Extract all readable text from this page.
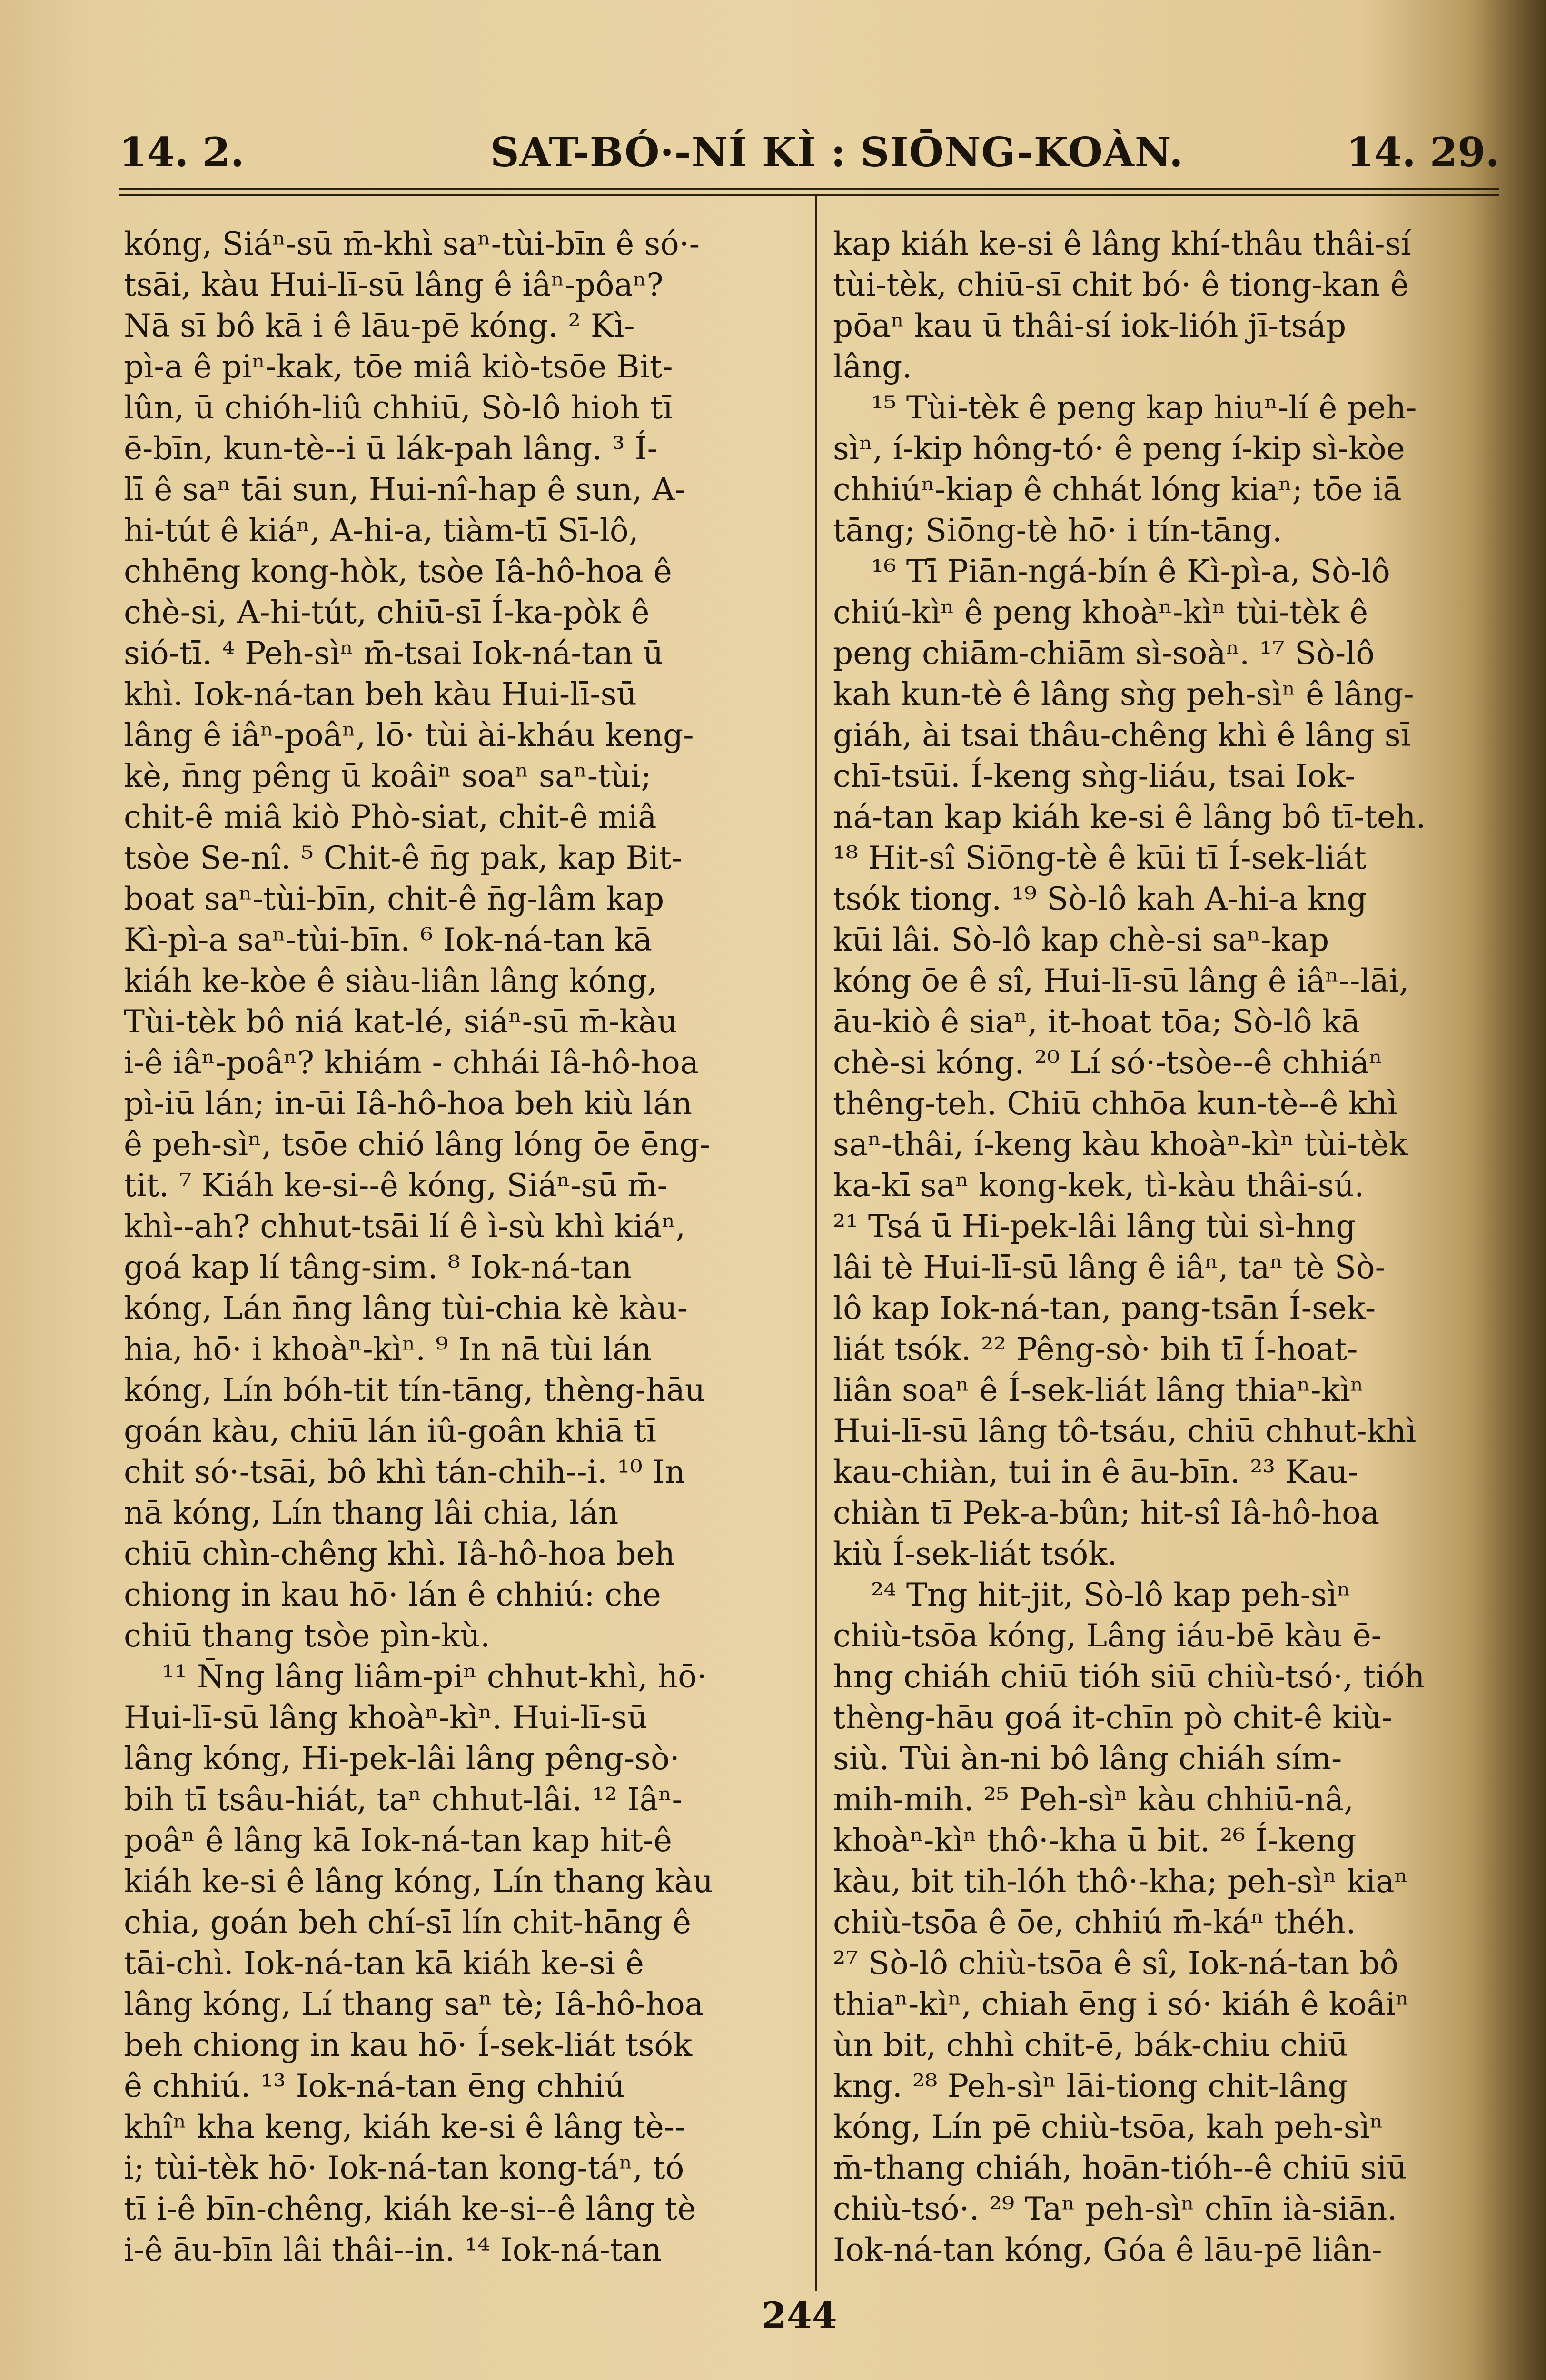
14. 2.	SAT-BÓ·-NÍ KÌ : SIŌNG-KOÀN.	14. 29.
kóng, Siáⁿ-sū m̄-khì saⁿ-tùi-bīn ê só·-
tsāi, kàu Hui-lī-sū lâng ê iâⁿ-pôaⁿ?
Nā sī bô kā i ê lāu-pē kóng. ² Kì-
pì-a ê piⁿ-kak, tōe miâ kiò-tsōe Bit-
lûn, ū chióh-liû chhiū, Sò-lô hioh tī
ē-bīn, kun-tè--i ū lák-pah lâng. ³ Í-
lī ê saⁿ tāi sun, Hui-nî-hap ê sun, A-
hi-tút ê kiáⁿ, A-hi-a, tiàm-tī Sī-lô,
chhēng kong-hòk, tsòe Iâ-hô-hoa ê
chè-si, A-hi-tút, chiū-sī Í-ka-pòk ê
sió-tī. ⁴ Peh-sìⁿ m̄-tsai Iok-ná-tan ū
khì. Iok-ná-tan beh kàu Hui-lī-sū
lâng ê iâⁿ-poâⁿ, lō· tùi ài-kháu keng-
kè, n̄ng pêng ū koâiⁿ soaⁿ saⁿ-tùi;
chit-ê miâ kiò Phò-siat, chit-ê miâ
tsòe Se-nî. ⁵ Chit-ê n̄g pak, kap Bit-
boat saⁿ-tùi-bīn, chit-ê n̄g-lâm kap
Kì-pì-a saⁿ-tùi-bīn. ⁶ Iok-ná-tan kā
kiáh ke-kòe ê siàu-liân lâng kóng,
Tùi-tèk bô niá kat-lé, siáⁿ-sū m̄-kàu
i-ê iâⁿ-poâⁿ? khiám - chhái Iâ-hô-hoa
pì-iū lán; in-ūi Iâ-hô-hoa beh kiù lán
ê peh-sìⁿ, tsōe chió lâng lóng ōe ēng-
tit. ⁷ Kiáh ke-si--ê kóng, Siáⁿ-sū m̄-
khì--ah? chhut-tsāi lí ê ì-sù khì kiáⁿ,
goá kap lí tâng-sim. ⁸ Iok-ná-tan
kóng, Lán n̄ng lâng tùi-chia kè kàu-
hia, hō· i khoàⁿ-kìⁿ. ⁹ In nā tùi lán
kóng, Lín bóh-tit tín-tāng, thèng-hāu
goán kàu, chiū lán iû-goân khiā tī
chit só·-tsāi, bô khì tán-chih--i. ¹⁰ In
nā kóng, Lín thang lâi chia, lán
chiū chìn-chêng khì. Iâ-hô-hoa beh
chiong in kau hō· lán ê chhiú: che
chiū thang tsòe pìn-kù.
¹¹ N̄ng lâng liâm-piⁿ chhut-khì, hō·
Hui-lī-sū lâng khoàⁿ-kìⁿ. Hui-lī-sū
lâng kóng, Hi-pek-lâi lâng pêng-sò·
bih tī tsâu-hiát, taⁿ chhut-lâi. ¹² Iâⁿ-
poâⁿ ê lâng kā Iok-ná-tan kap hit-ê
kiáh ke-si ê lâng kóng, Lín thang kàu
chia, goán beh chí-sī lín chit-hāng ê
tāi-chì. Iok-ná-tan kā kiáh ke-si ê
lâng kóng, Lí thang saⁿ tè; Iâ-hô-hoa
beh chiong in kau hō· Í-sek-liát tsók
ê chhiú. ¹³ Iok-ná-tan ēng chhiú
khîⁿ kha keng, kiáh ke-si ê lâng tè--
i; tùi-tèk hō· Iok-ná-tan kong-táⁿ, tó
tī i-ê bīn-chêng, kiáh ke-si--ê lâng tè
i-ê āu-bīn lâi thâi--in. ¹⁴ Iok-ná-tan
kap kiáh ke-si ê lâng khí-thâu thâi-sí
tùi-tèk, chiū-sī chit bó· ê tiong-kan ê
pōaⁿ kau ū thâi-sí iok-lióh jī-tsáp
lâng.
¹⁵ Tùi-tèk ê peng kap hiuⁿ-lí ê peh-
sìⁿ, í-kip hông-tó· ê peng í-kip sì-kòe
chhiúⁿ-kiap ê chhát lóng kiaⁿ; tōe iā
tāng; Siōng-tè hō· i tín-tāng.
¹⁶ Tī Piān-ngá-bín ê Kì-pì-a, Sò-lô
chiú-kìⁿ ê peng khoàⁿ-kìⁿ tùi-tèk ê
peng chiām-chiām sì-soàⁿ. ¹⁷ Sò-lô
kah kun-tè ê lâng sǹg peh-sìⁿ ê lâng-
giáh, ài tsai thâu-chêng khì ê lâng sī
chī-tsūi. Í-keng sǹg-liáu, tsai Iok-
ná-tan kap kiáh ke-si ê lâng bô tī-teh.
¹⁸ Hit-sî Siōng-tè ê kūi tī Í-sek-liát
tsók tiong. ¹⁹ Sò-lô kah A-hi-a kng
kūi lâi. Sò-lô kap chè-si saⁿ-kap
kóng ōe ê sî, Hui-lī-sū lâng ê iâⁿ--lāi,
āu-kiò ê siaⁿ, it-hoat tōa; Sò-lô kā
chè-si kóng. ²⁰ Lí só·-tsòe--ê chhiáⁿ
thêng-teh. Chiū chhōa kun-tè--ê khì
saⁿ-thâi, í-keng kàu khoàⁿ-kìⁿ tùi-tèk
ka-kī saⁿ kong-kek, tì-kàu thâi-sú.
²¹ Tsá ū Hi-pek-lâi lâng tùi sì-hng
lâi tè Hui-lī-sū lâng ê iâⁿ, taⁿ tè Sò-
lô kap Iok-ná-tan, pang-tsān Í-sek-
liát tsók. ²² Pêng-sò· bih tī Í-hoat-
liân soaⁿ ê Í-sek-liát lâng thiaⁿ-kìⁿ
Hui-lī-sū lâng tô-tsáu, chiū chhut-khì
kau-chiàn, tui in ê āu-bīn. ²³ Kau-
chiàn tī Pek-a-bûn; hit-sî Iâ-hô-hoa
kiù Í-sek-liát tsók.
²⁴ Tng hit-jit, Sò-lô kap peh-sìⁿ
chiù-tsōa kóng, Lâng iáu-bē kàu ē-
hng chiáh chiū tióh siū chiù-tsó·, tióh
thèng-hāu goá it-chīn pò chit-ê kiù-
siù. Tùi àn-ni bô lâng chiáh sím-
mih-mih. ²⁵ Peh-sìⁿ kàu chhiū-nâ,
khoàⁿ-kìⁿ thô·-kha ū bit. ²⁶ Í-keng
kàu, bit tih-lóh thô·-kha; peh-sìⁿ kiaⁿ
chiù-tsōa ê ōe, chhiú m̄-káⁿ théh.
²⁷ Sò-lô chiù-tsōa ê sî, Iok-ná-tan bô
thiaⁿ-kìⁿ, chiah ēng i só· kiáh ê koâiⁿ
ùn bit, chhì chit-ē, bák-chiu chiū
kng. ²⁸ Peh-sìⁿ lāi-tiong chit-lâng
kóng, Lín pē chiù-tsōa, kah peh-sìⁿ
m̄-thang chiáh, hoān-tióh--ê chiū siū
chiù-tsó·. ²⁹ Taⁿ peh-sìⁿ chīn ià-siān.
Iok-ná-tan kóng, Góa ê lāu-pē liân-
244
